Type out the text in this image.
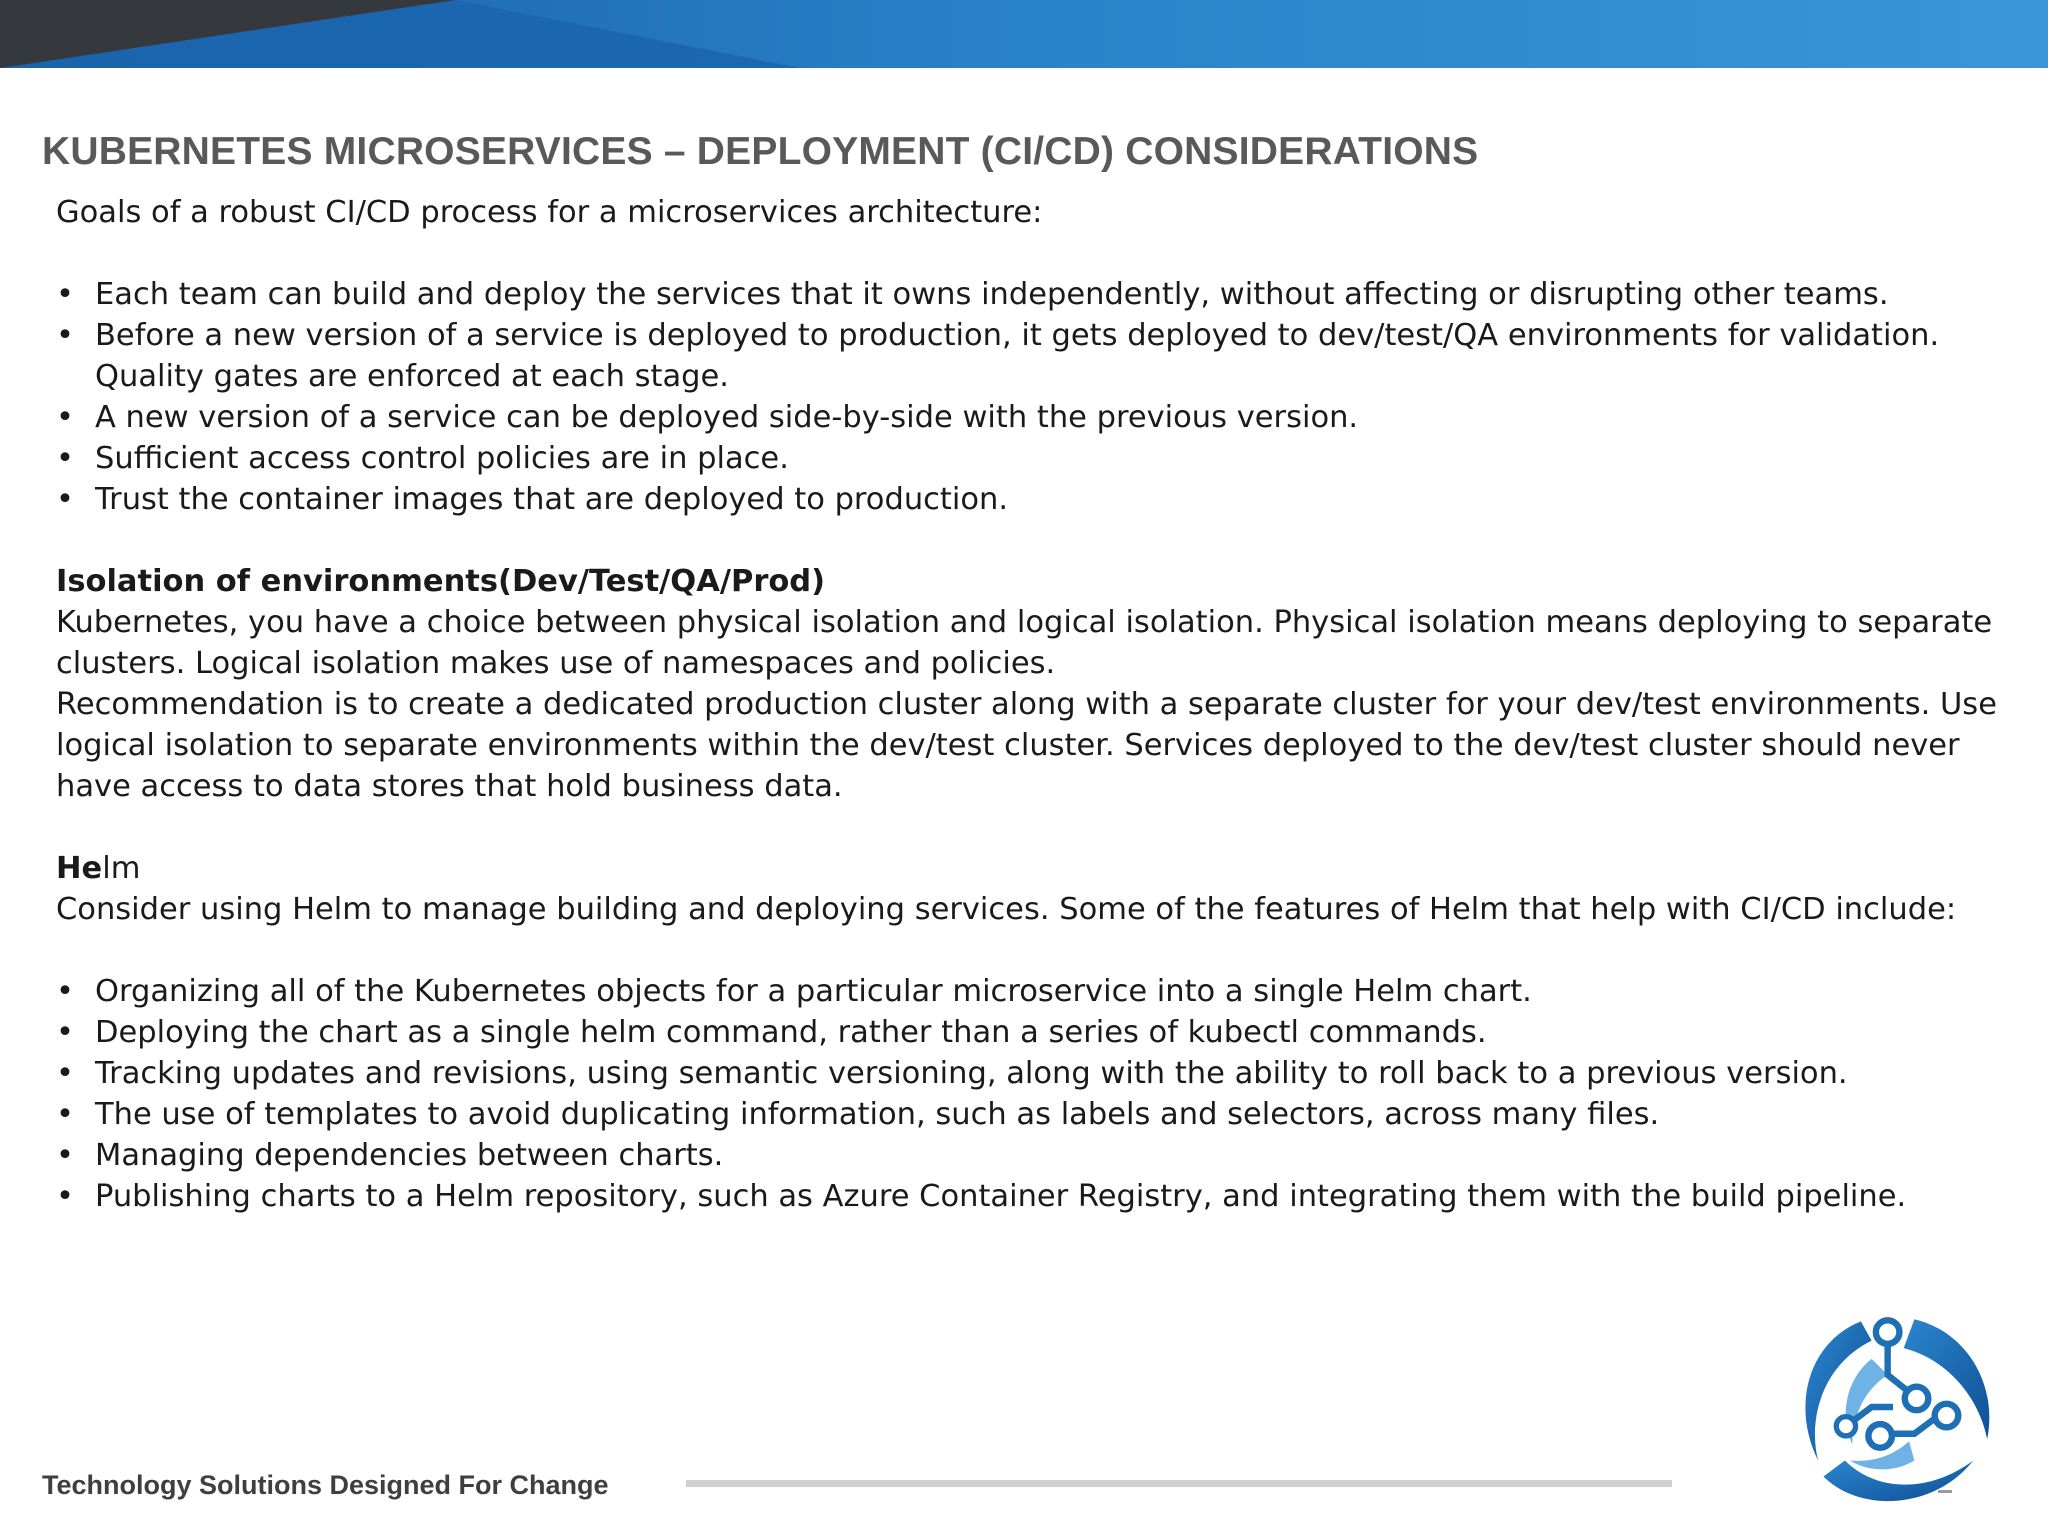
KUBERNETES MICROSERVICES – DEPLOYMENT (CI/CD) CONSIDERATIONS

Goals of a robust CI/CD process for a microservices architecture:

• Each team can build and deploy the services that it owns independently, without affecting or disrupting other teams.
• Before a new version of a service is deployed to production, it gets deployed to dev/test/QA environments for validation. Quality gates are enforced at each stage.
• A new version of a service can be deployed side-by-side with the previous version.
• Sufficient access control policies are in place.
• Trust the container images that are deployed to production.

Isolation of environments(Dev/Test/QA/Prod)

Kubernetes, you have a choice between physical isolation and logical isolation. Physical isolation means deploying to separate clusters. Logical isolation makes use of namespaces and policies.

Recommendation is to create a dedicated production cluster along with a separate cluster for your dev/test environments. Use logical isolation to separate environments within the dev/test cluster. Services deployed to the dev/test cluster should never have access to data stores that hold business data.

Helm

Consider using Helm to manage building and deploying services. Some of the features of Helm that help with CI/CD include:

• Organizing all of the Kubernetes objects for a particular microservice into a single Helm chart.
• Deploying the chart as a single helm command, rather than a series of kubectl commands.
• Tracking updates and revisions, using semantic versioning, along with the ability to roll back to a previous version.
• The use of templates to avoid duplicating information, such as labels and selectors, across many files.
• Managing dependencies between charts.
• Publishing charts to a Helm repository, such as Azure Container Registry, and integrating them with the build pipeline.
Technology Solutions Designed For Change
